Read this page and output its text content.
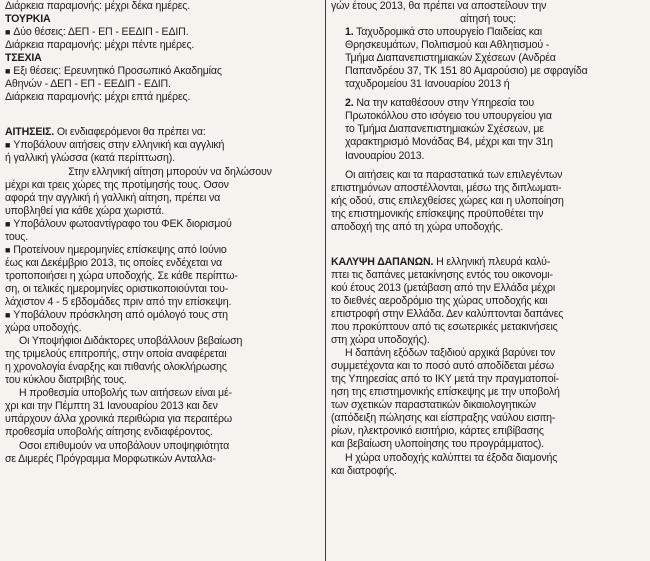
Διάρκεια παραμονής: μέχρι δέκα ημέρες.

ΤΟΥΡΚΙΑ

■ Δύο θέσεις: ΔΕΠ - ΕΠ - ΕΕΔΙΠ - ΕΔΙΠ.

Διάρκεια παραμονής: μέχρι πέντε ημέρες.

ΤΣΕΧΙΑ

■ Εξι θέσεις: Ερευνητικό Προσωπικό Ακαδημίας

Αθηνών - ΔΕΠ - ΕΠ - ΕΕΔΙΠ - ΕΔΙΠ.

Διάρκεια παραμονής: μέχρι επτά ημέρες.

ΑΙΤΗΣΕΙΣ. Οι ενδιαφερόμενοι θα πρέπει να:

■ Υποβάλουν αιτήσεις στην ελληνική και αγγλική

ή γαλλική γλώσσα (κατά περίπτωση).

Στην ελληνική αίτηση μπορούν να δηλώσουν

μέχρι και τρεις χώρες της προτίμησής τους. Οσον

αφορά την αγγλική ή γαλλική αίτηση, πρέπει να

υποβληθεί για κάθε χώρα χωριστά.

■ Υποβάλουν φωτοαντίγραφο του ΦΕΚ διορισμού

τους.

■ Προτείνουν ημερομηνίες επίσκεψης από Ιούνιο

έως και Δεκέμβριο 2013, τις οποίες ενδέχεται να

τροποποιήσει η χώρα υποδοχής. Σε κάθε περίπτω-

ση, οι τελικές ημερομηνίες οριστικοποιούνται του-

λάχιστον 4 - 5 εβδομάδες πριν από την επίσκεψη.

■ Υποβάλουν πρόσκληση από ομόλογό τους στη

χώρα υποδοχής.

Οι Υποψήφιοι Διδάκτορες υποβάλλουν βεβαίωση

της τριμελούς επιτροπής, στην οποία αναφέρεται

η χρονολογία έναρξης και πιθανής ολοκλήρωσης

του κύκλου διατριβής τους.

Η προθεσμία υποβολής των αιτήσεων είναι μέ-

χρι και την Πέμπτη 31 Ιανουαρίου 2013 και δεν

υπάρχουν άλλα χρονικά περιθώρια για περαιτέρω

προθεσμία υποβολής αίτησης ενδιαφέροντος.

Οσοι επιθυμούν να υποβάλουν υποψηφιότητα

σε Διμερές Πρόγραμμα Μορφωτικών Ανταλλα-

γών έτους 2013, θα πρέπει να αποστείλουν την

αίτησή τους:

1. Ταχυδρομικά στο υπουργείο Παιδείας και

Θρησκευμάτων, Πολιτισμού και Αθλητισμού -

Τμήμα Διαπανεπιστημιακών Σχέσεων (Ανδρέα

Παπανδρέου 37, ΤΚ 151 80 Αμαρούσιο) με σφραγίδα

ταχυδρομείου 31 Ιανουαρίου 2013 ή

2. Να την καταθέσουν στην Υπηρεσία του

Πρωτοκόλλου στο ισόγειο του υπουργείου για

το Τμήμα Διαπανεπιστημιακών Σχέσεων, με

χαρακτηρισμό Μονάδας Β4, μέχρι και την 31η

Ιανουαρίου 2013.

Οι αιτήσεις και τα παραστατικά των επιλεγέντων

επιστημόνων αποστέλλονται, μέσω της διπλωματι-

κής οδού, στις επιλεχθείσες χώρες και η υλοποίηση

της επιστημονικής επίσκεψης προϋποθέτει την

αποδοχή της από τη χώρα υποδοχής.

ΚΑΛΥΨΗ ΔΑΠΑΝΩΝ. Η ελληνική πλευρά καλύ-

πτει τις δαπάνες μετακίνησης εντός του οικονομι-

κού έτους 2013 (μετάβαση από την Ελλάδα μέχρι

το διεθνές αεροδρόμιο της χώρας υποδοχής και

επιστροφή στην Ελλάδα. Δεν καλύπτονται δαπάνες

που προκύπτουν από τις εσωτερικές μετακινήσεις

στη χώρα υποδοχής).

Η δαπάνη εξόδων ταξιδιού αρχικά βαρύνει τον

συμμετέχοντα και το ποσό αυτό αποδίδεται μέσω

της Υπηρεσίας από το ΙΚΥ μετά την πραγματοποί-

ηση της επιστημονικής επίσκεψης με την υποβολή

των σχετικών παραστατικών δικαιολογητικών

(απόδειξη πώλησης και είσπραξης ναύλου εισιτη-

ρίων, ηλεκτρονικό εισιτήριο, κάρτες επιβίβασης

και βεβαίωση υλοποίησης του προγράμματος).

Η χώρα υποδοχής καλύπτει τα έξοδα διαμονής

και διατροφής.
